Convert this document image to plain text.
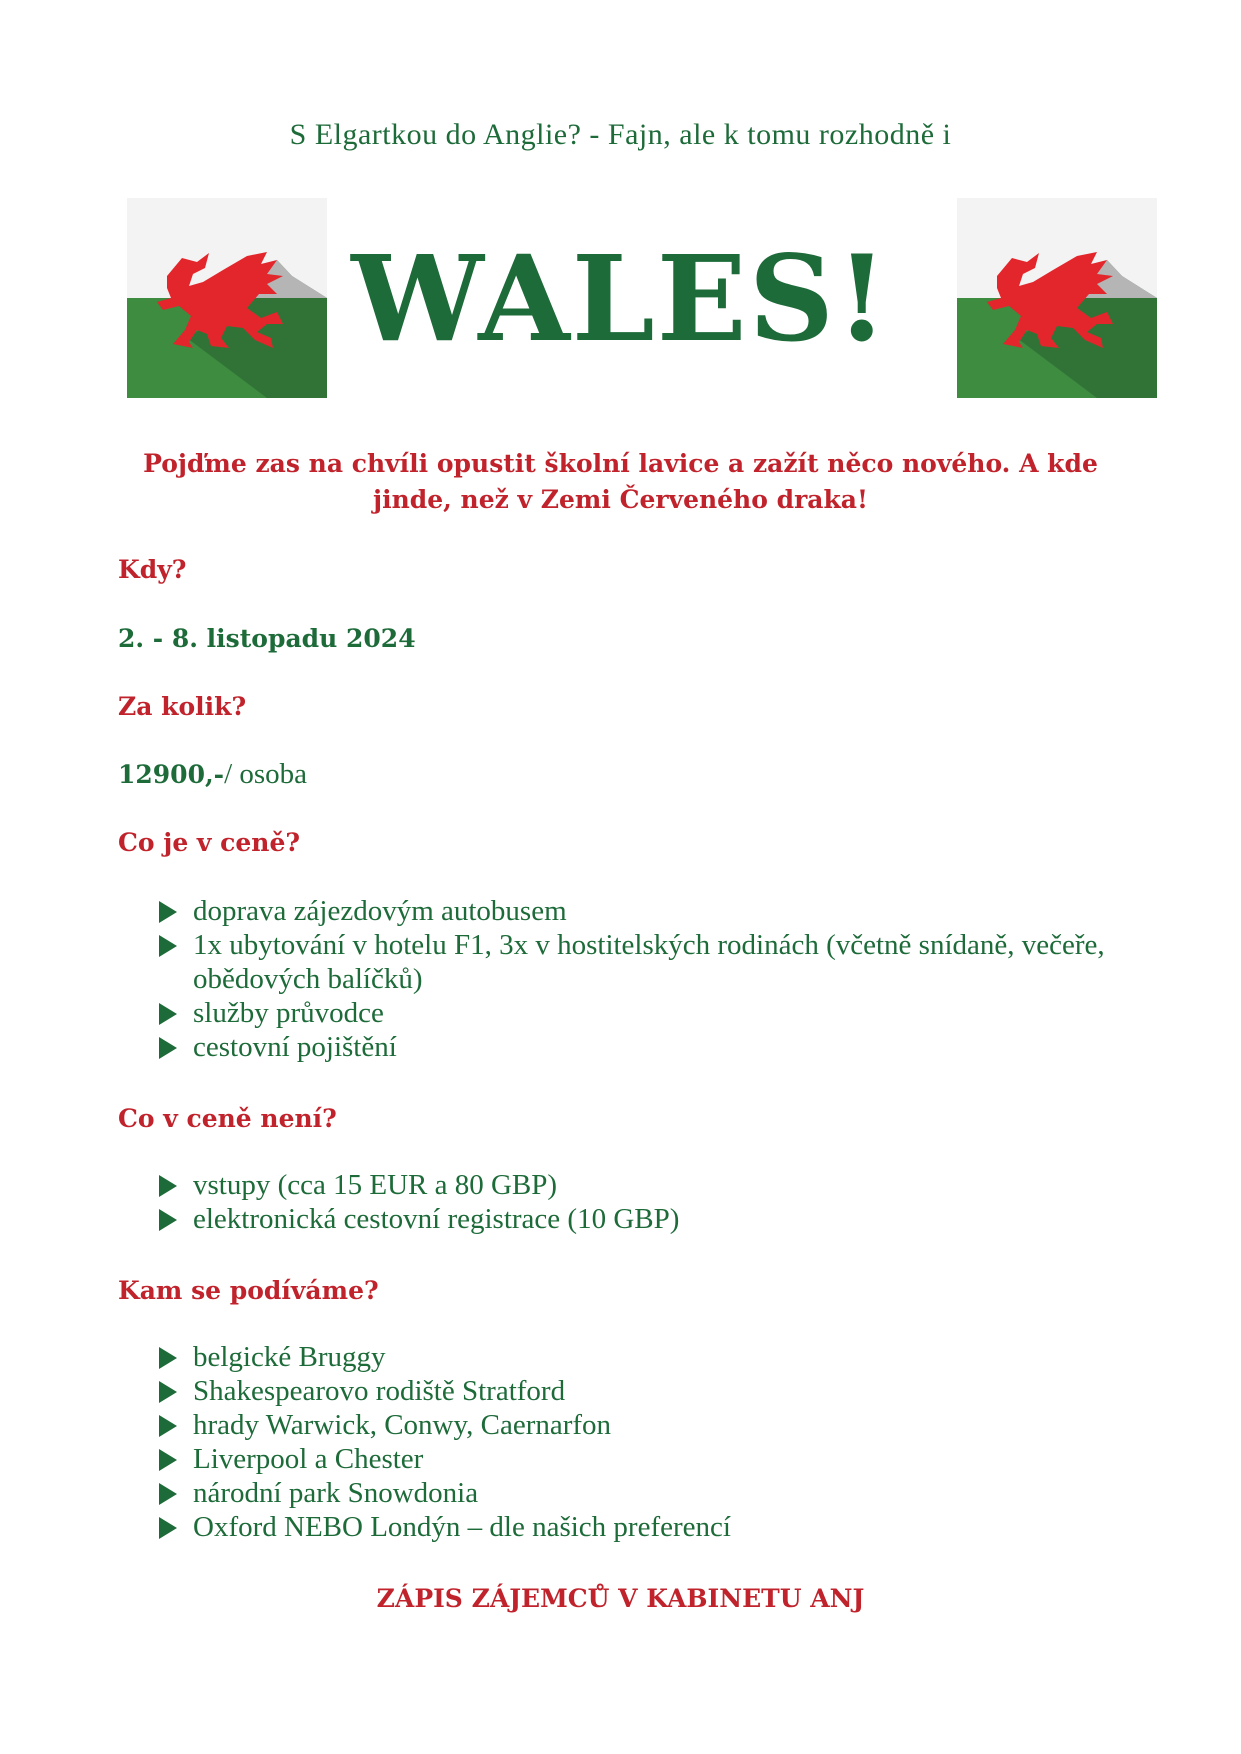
S Elgartkou do Anglie? - Fajn, ale k tomu rozhodně i
WALES!
Pojďme zas na chvíli opustit školní lavice a zažít něco nového. A kde jinde, než v Zemi Červeného draka!
Kdy?
2. - 8. listopadu 2024
Za kolik?
12900,-/ osoba
Co je v ceně?
doprava zájezdovým autobusem
1x ubytování v hotelu F1, 3x v hostitelských rodinách (včetně snídaně, večeře, obědových balíčků)
služby průvodce
cestovní pojištění
Co v ceně není?
vstupy (cca 15 EUR a 80 GBP)
elektronická cestovní registrace (10 GBP)
Kam se podíváme?
belgické Bruggy
Shakespearovo rodiště Stratford
hrady Warwick, Conwy, Caernarfon
Liverpool a Chester
národní park Snowdonia
Oxford NEBO Londýn – dle našich preferencí
ZÁPIS ZÁJEMCŮ V KABINETU ANJ
